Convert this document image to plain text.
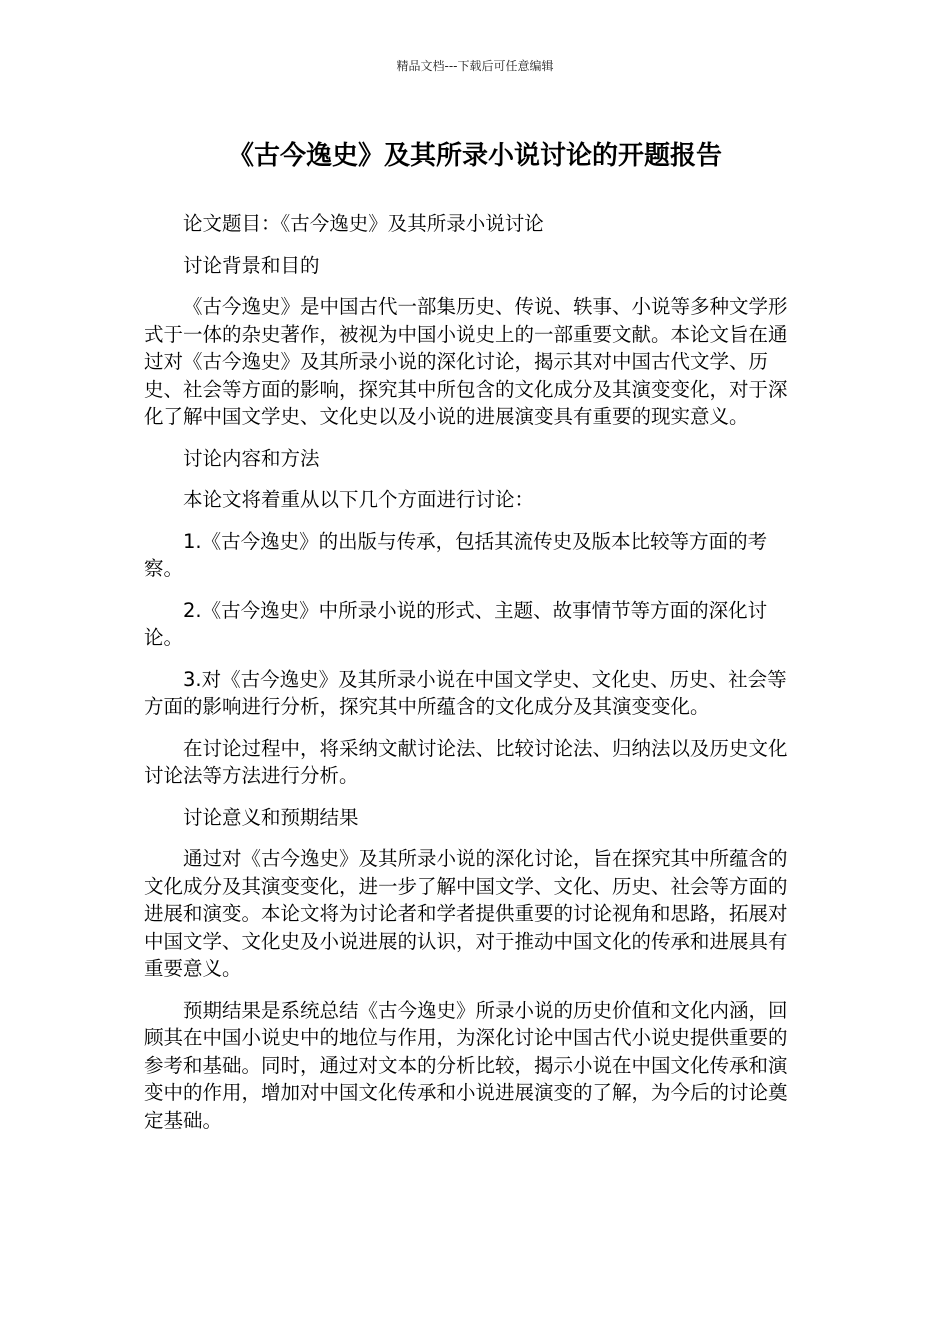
精品文档---下载后可任意编辑
《古今逸史》及其所录小说讨论的开题报告

论文题目：《古今逸史》及其所录小说讨论

讨论背景和目的

《古今逸史》是中国古代一部集历史、传说、轶事、小说等多种文学形式于一体的杂史著作，被视为中国小说史上的一部重要文献。本论文旨在通过对《古今逸史》及其所录小说的深化讨论，揭示其对中国古代文学、历史、社会等方面的影响，探究其中所包含的文化成分及其演变变化，对于深化了解中国文学史、文化史以及小说的进展演变具有重要的现实意义。

讨论内容和方法

本论文将着重从以下几个方面进行讨论：

1.《古今逸史》的出版与传承，包括其流传史及版本比较等方面的考察。

2.《古今逸史》中所录小说的形式、主题、故事情节等方面的深化讨论。

3.对《古今逸史》及其所录小说在中国文学史、文化史、历史、社会等方面的影响进行分析，探究其中所蕴含的文化成分及其演变变化。

在讨论过程中，将采纳文献讨论法、比较讨论法、归纳法以及历史文化讨论法等方法进行分析。

讨论意义和预期结果

通过对《古今逸史》及其所录小说的深化讨论，旨在探究其中所蕴含的文化成分及其演变变化，进一步了解中国文学、文化、历史、社会等方面的进展和演变。本论文将为讨论者和学者提供重要的讨论视角和思路，拓展对中国文学、文化史及小说进展的认识，对于推动中国文化的传承和进展具有重要意义。

预期结果是系统总结《古今逸史》所录小说的历史价值和文化内涵，回顾其在中国小说史中的地位与作用，为深化讨论中国古代小说史提供重要的参考和基础。同时，通过对文本的分析比较，揭示小说在中国文化传承和演变中的作用，增加对中国文化传承和小说进展演变的了解，为今后的讨论奠定基础。
